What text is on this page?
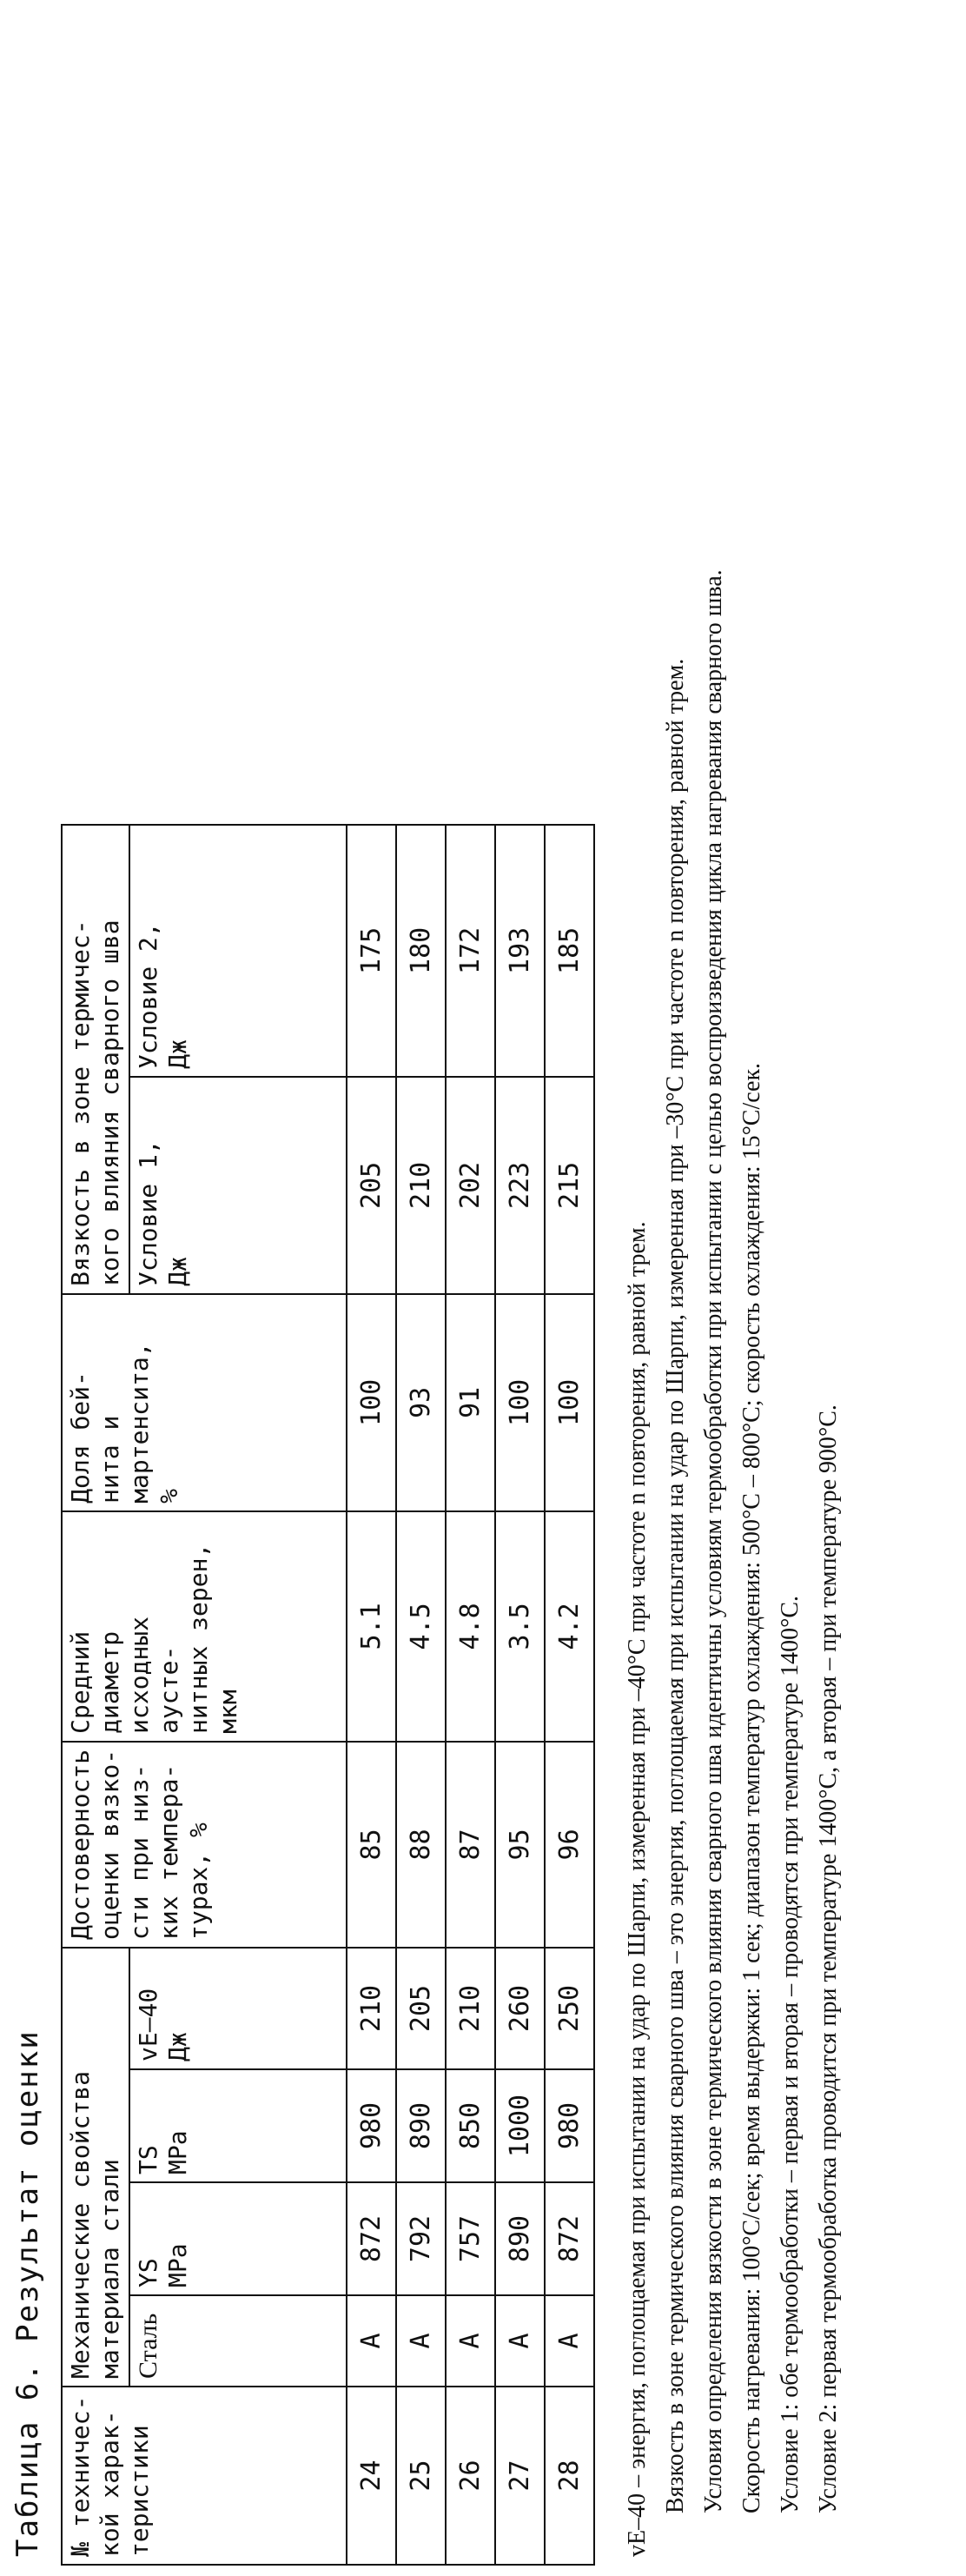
Таблица 6. Результат оценки № техничес-
кой харак-
теристики	Механические свойства
материала стали	Достоверность
оценки вязко-
сти при низ-
ких темпера-
турах, %	Средний диаметр
исходных аусте-
нитных зерен,
мкм	Доля бей-
нита и
мартенсита,
%	Вязкость в зоне термичес-
кого влияния сварного шва
Сталь	YS
MPa	TS
MPa	vE–40
Дж	Условие 1,
Дж	Условие 2,
Дж
24	A	872	980	210	85	5.1	100	205	175
25	A	792	890	205	88	4.5	93	210	180
26	A	757	850	210	87	4.8	91	202	172
27	A	890	1000	260	95	3.5	100	223	193
28	A	872	980	250	96	4.2	100	215	185

vE–40 – энергия, поглощаемая при испытании на удар по Шарпи, измеренная при –40°C при частоте n повторения, равной трем. Вязкость в зоне термического влияния сварного шва – это энергия, поглощаемая при испытании на удар по Шарпи, измеренная при –30°C при частоте n повторения, равной трем. Условия определения вязкости в зоне термического влияния сварного шва идентичны условиям термообработки при испытании с целью воспроизведения цикла нагревания сварного шва. Скорость нагревания: 100°C/сек; время выдержки: 1 сек; диапазон температур охлаждения: 500°C – 800°C; скорость охлаждения: 15°C/сек. Условие 1: обе термообработки – первая и вторая – проводятся при температуре 1400°C. Условие 2: первая термообработка проводится при температуре 1400°C, а вторая – при температуре 900°C.
